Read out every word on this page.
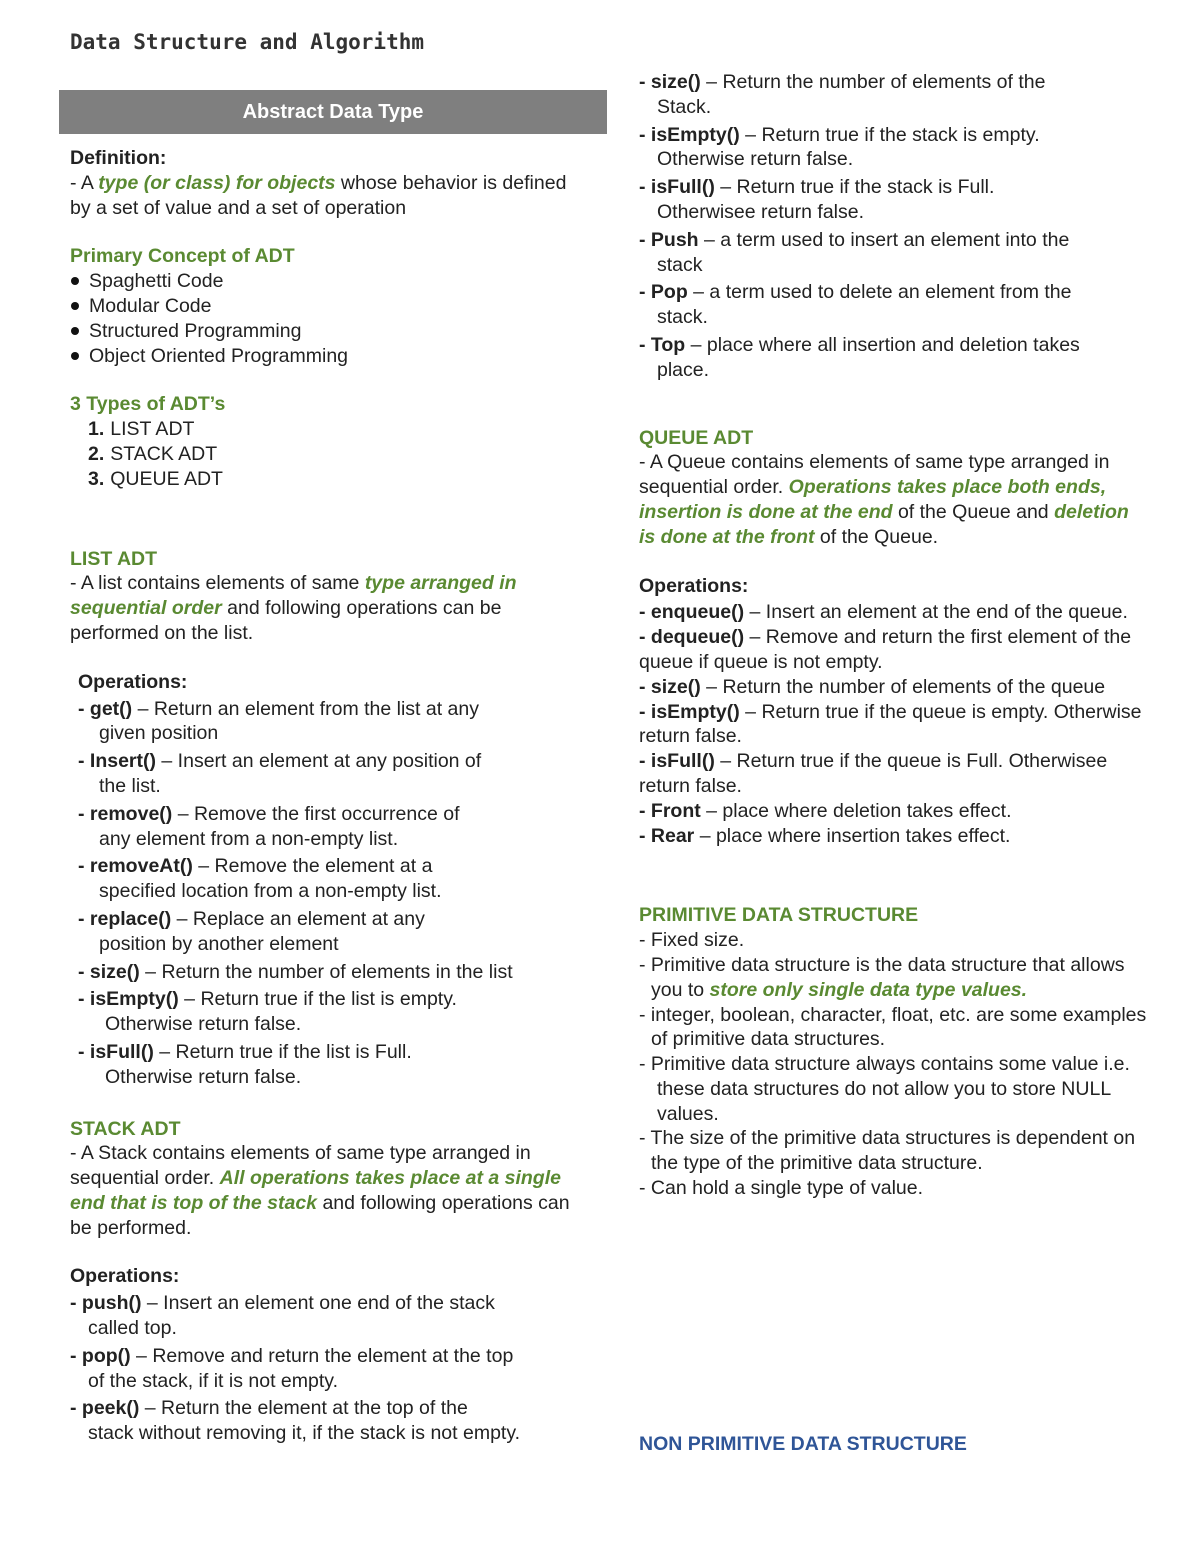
Data Structure and Algorithm
Abstract Data Type
Definition:
- A type (or class) for objects whose behavior is defined by a set of value and a set of operation
Primary Concept of ADT
Spaghetti Code
Modular Code
Structured Programming
Object Oriented Programming
3 Types of ADT’s
1. LIST ADT
2. STACK ADT
3. QUEUE ADT
LIST ADT
- A list contains elements of same type arranged in sequential order and following operations can be performed on the list.
Operations:
- get() – Return an element from the list at any
given position
- Insert() – Insert an element at any position of
the list.
- remove() – Remove the first occurrence of
any element from a non-empty list.
- removeAt() – Remove the element at a
specified location from a non-empty list.
- replace() – Replace an element at any
position by another element
- size() – Return the number of elements in the list
- isEmpty() – Return true if the list is empty.
Otherwise return false.
- isFull() – Return true if the list is Full.
Otherwise return false.
STACK ADT
- A Stack contains elements of same type arranged in sequential order. All operations takes place at a single end that is top of the stack and following operations can be performed.
Operations:
- push() – Insert an element one end of the stack
called top.
- pop() – Remove and return the element at the top
of the stack, if it is not empty.
- peek() – Return the element at the top of the
stack without removing it, if the stack is not empty.
- size() – Return the number of elements of the
Stack.
- isEmpty() – Return true if the stack is empty.
Otherwise return false.
- isFull() – Return true if the stack is Full.
Otherwisee return false.
- Push – a term used to insert an element into the
stack
- Pop – a term used to delete an element from the
stack.
- Top – place where all insertion and deletion takes
place.
QUEUE ADT
- A Queue contains elements of same type arranged in sequential order. Operations takes place both ends, insertion is done at the end of the Queue and deletion is done at the front of the Queue.
Operations:
- enqueue() – Insert an element at the end of the queue.
- dequeue() – Remove and return the first element of the queue if queue is not empty.
- size() – Return the number of elements of the queue
- isEmpty() – Return true if the queue is empty. Otherwise return false.
- isFull() – Return true if the queue is Full. Otherwisee return false.
- Front – place where deletion takes effect.
- Rear – place where insertion takes effect.
PRIMITIVE DATA STRUCTURE
- Fixed size.
- Primitive data structure is the data structure that allows you to store only single data type values.
- integer, boolean, character, float, etc. are some examples of primitive data structures.
- Primitive data structure always contains some value i.e. these data structures do not allow you to store NULL values.
- The size of the primitive data structures is dependent on the type of the primitive data structure.
- Can hold a single type of value.
NON PRIMITIVE DATA STRUCTURE
